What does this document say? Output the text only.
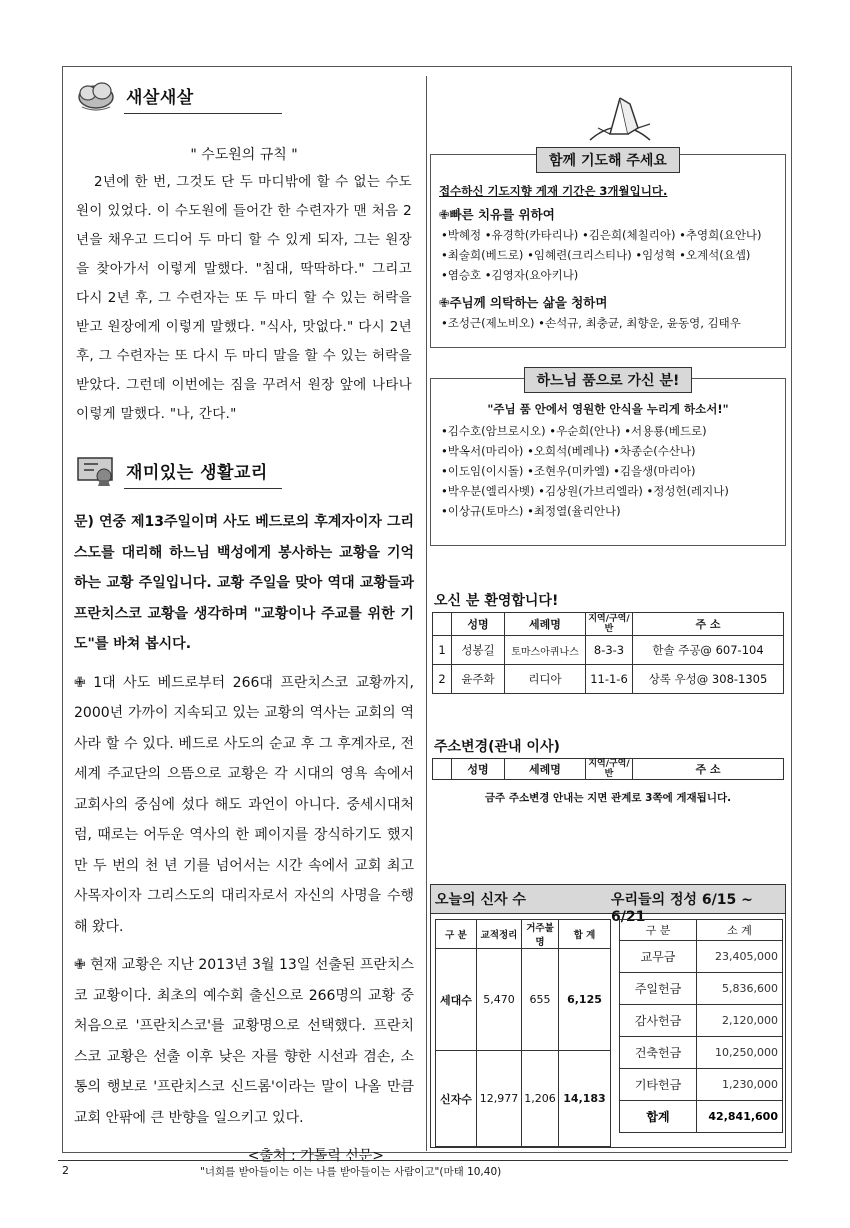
새살새살
" 수도원의 규칙 "

2년에 한 번, 그것도 단 두 마디밖에 할 수 없는 수도원이 있었다. 이 수도원에 들어간 한 수련자가 맨 처음 2년을 채우고 드디어 두 마디 할 수 있게 되자, 그는 원장을 찾아가서 이렇게 말했다. "침대, 딱딱하다." 그리고 다시 2년 후, 그 수련자는 또 두 마디 할 수 있는 허락을 받고 원장에게 이렇게 말했다. "식사, 맛없다." 다시 2년 후, 그 수련자는 또 다시 두 마디 말을 할 수 있는 허락을 받았다. 그런데 이번에는 짐을 꾸려서 원장 앞에 나타나 이렇게 말했다. "나, 간다."

재미있는 생활교리

문) 연중 제13주일이며 사도 베드로의 후계자이자 그리스도를 대리해 하느님 백성에게 봉사하는 교황을 기억하는 교황 주일입니다. 교황 주일을 맞아 역대 교황들과 프란치스코 교황을 생각하며 "교황이나 주교를 위한 기도"를 바쳐 봅시다.

✙ 1대 사도 베드로부터 266대 프란치스코 교황까지, 2000년 가까이 지속되고 있는 교황의 역사는 교회의 역사라 할 수 있다. 베드로 사도의 순교 후 그 후계자로, 전 세계 주교단의 으뜸으로 교황은 각 시대의 영욕 속에서 교회사의 중심에 섰다 해도 과언이 아니다. 중세시대처럼, 때로는 어두운 역사의 한 페이지를 장식하기도 했지만 두 번의 천 년 기를 넘어서는 시간 속에서 교회 최고 사목자이자 그리스도의 대리자로서 자신의 사명을 수행해 왔다.

✙ 현재 교황은 지난 2013년 3월 13일 선출된 프란치스코 교황이다. 최초의 예수회 출신으로 266명의 교황 중 처음으로 '프란치스코'를 교황명으로 선택했다. 프란치스코 교황은 선출 이후 낮은 자를 향한 시선과 겸손, 소통의 행보로 '프란치스코 신드롬'이라는 말이 나올 만큼 교회 안팎에 큰 반향을 일으키고 있다.

<출처 : 가톨릭 신문>
함께 기도해 주세요
접수하신 기도지향 게재 기간은 3개월입니다.
✙빠른 치유를 위하여
•박혜정 •유경학(카타리나) •김은희(체칠리아) •추영희(요안나)
•최술희(베드로) •임혜련(크리스티나) •임성혁 •오계석(요셉)
•염승호 •김영자(요아키나)
✙주님께 의탁하는 삶을 청하며
•조성근(제노비오) •손석규, 최충균, 최향운, 윤동영, 김태우
하느님 품으로 가신 분!
"주님 품 안에서 영원한 안식을 누리게 하소서!"
•김수호(암브로시오) •우순희(안나) •서용룡(베드로)
•박옥서(마리아) •오희석(베레나) •차종순(수산나)
•이도임(이시돌) •조현우(미카엘) •김을생(마리아)
•박우분(엘리사벳) •김상원(가브리엘라) •정성헌(레지나)
•이상규(토마스) •최정열(율리안나)
오신 분 환영합니다!
	성명	세례명	지역/구역/반	주 소
1	성봉길	토마스아퀴나스	8-3-3	한솔 주공@ 607-104
2	윤주화	리디아	11-1-6	상록 우성@ 308-1305
주소변경(관내 이사)
	성명	세례명	지역/구역/반	주 소
금주 주소변경 안내는 지면 관계로 3쪽에 게재됩니다.
오늘의 신자 수	우리들의 정성 6/15 ~ 6/21
구 분	교적정리	거주불명	합 계
세대수	5,470	655	6,125
신자수	12,977	1,206	14,183
구 분	소 계
교무금	23,405,000
주일헌금	5,836,600
감사헌금	2,120,000
건축헌금	10,250,000
기타헌금	1,230,000
합계	42,841,600
2	"너희를 받아들이는 이는 나를 받아들이는 사람이고"(마태 10,40)
